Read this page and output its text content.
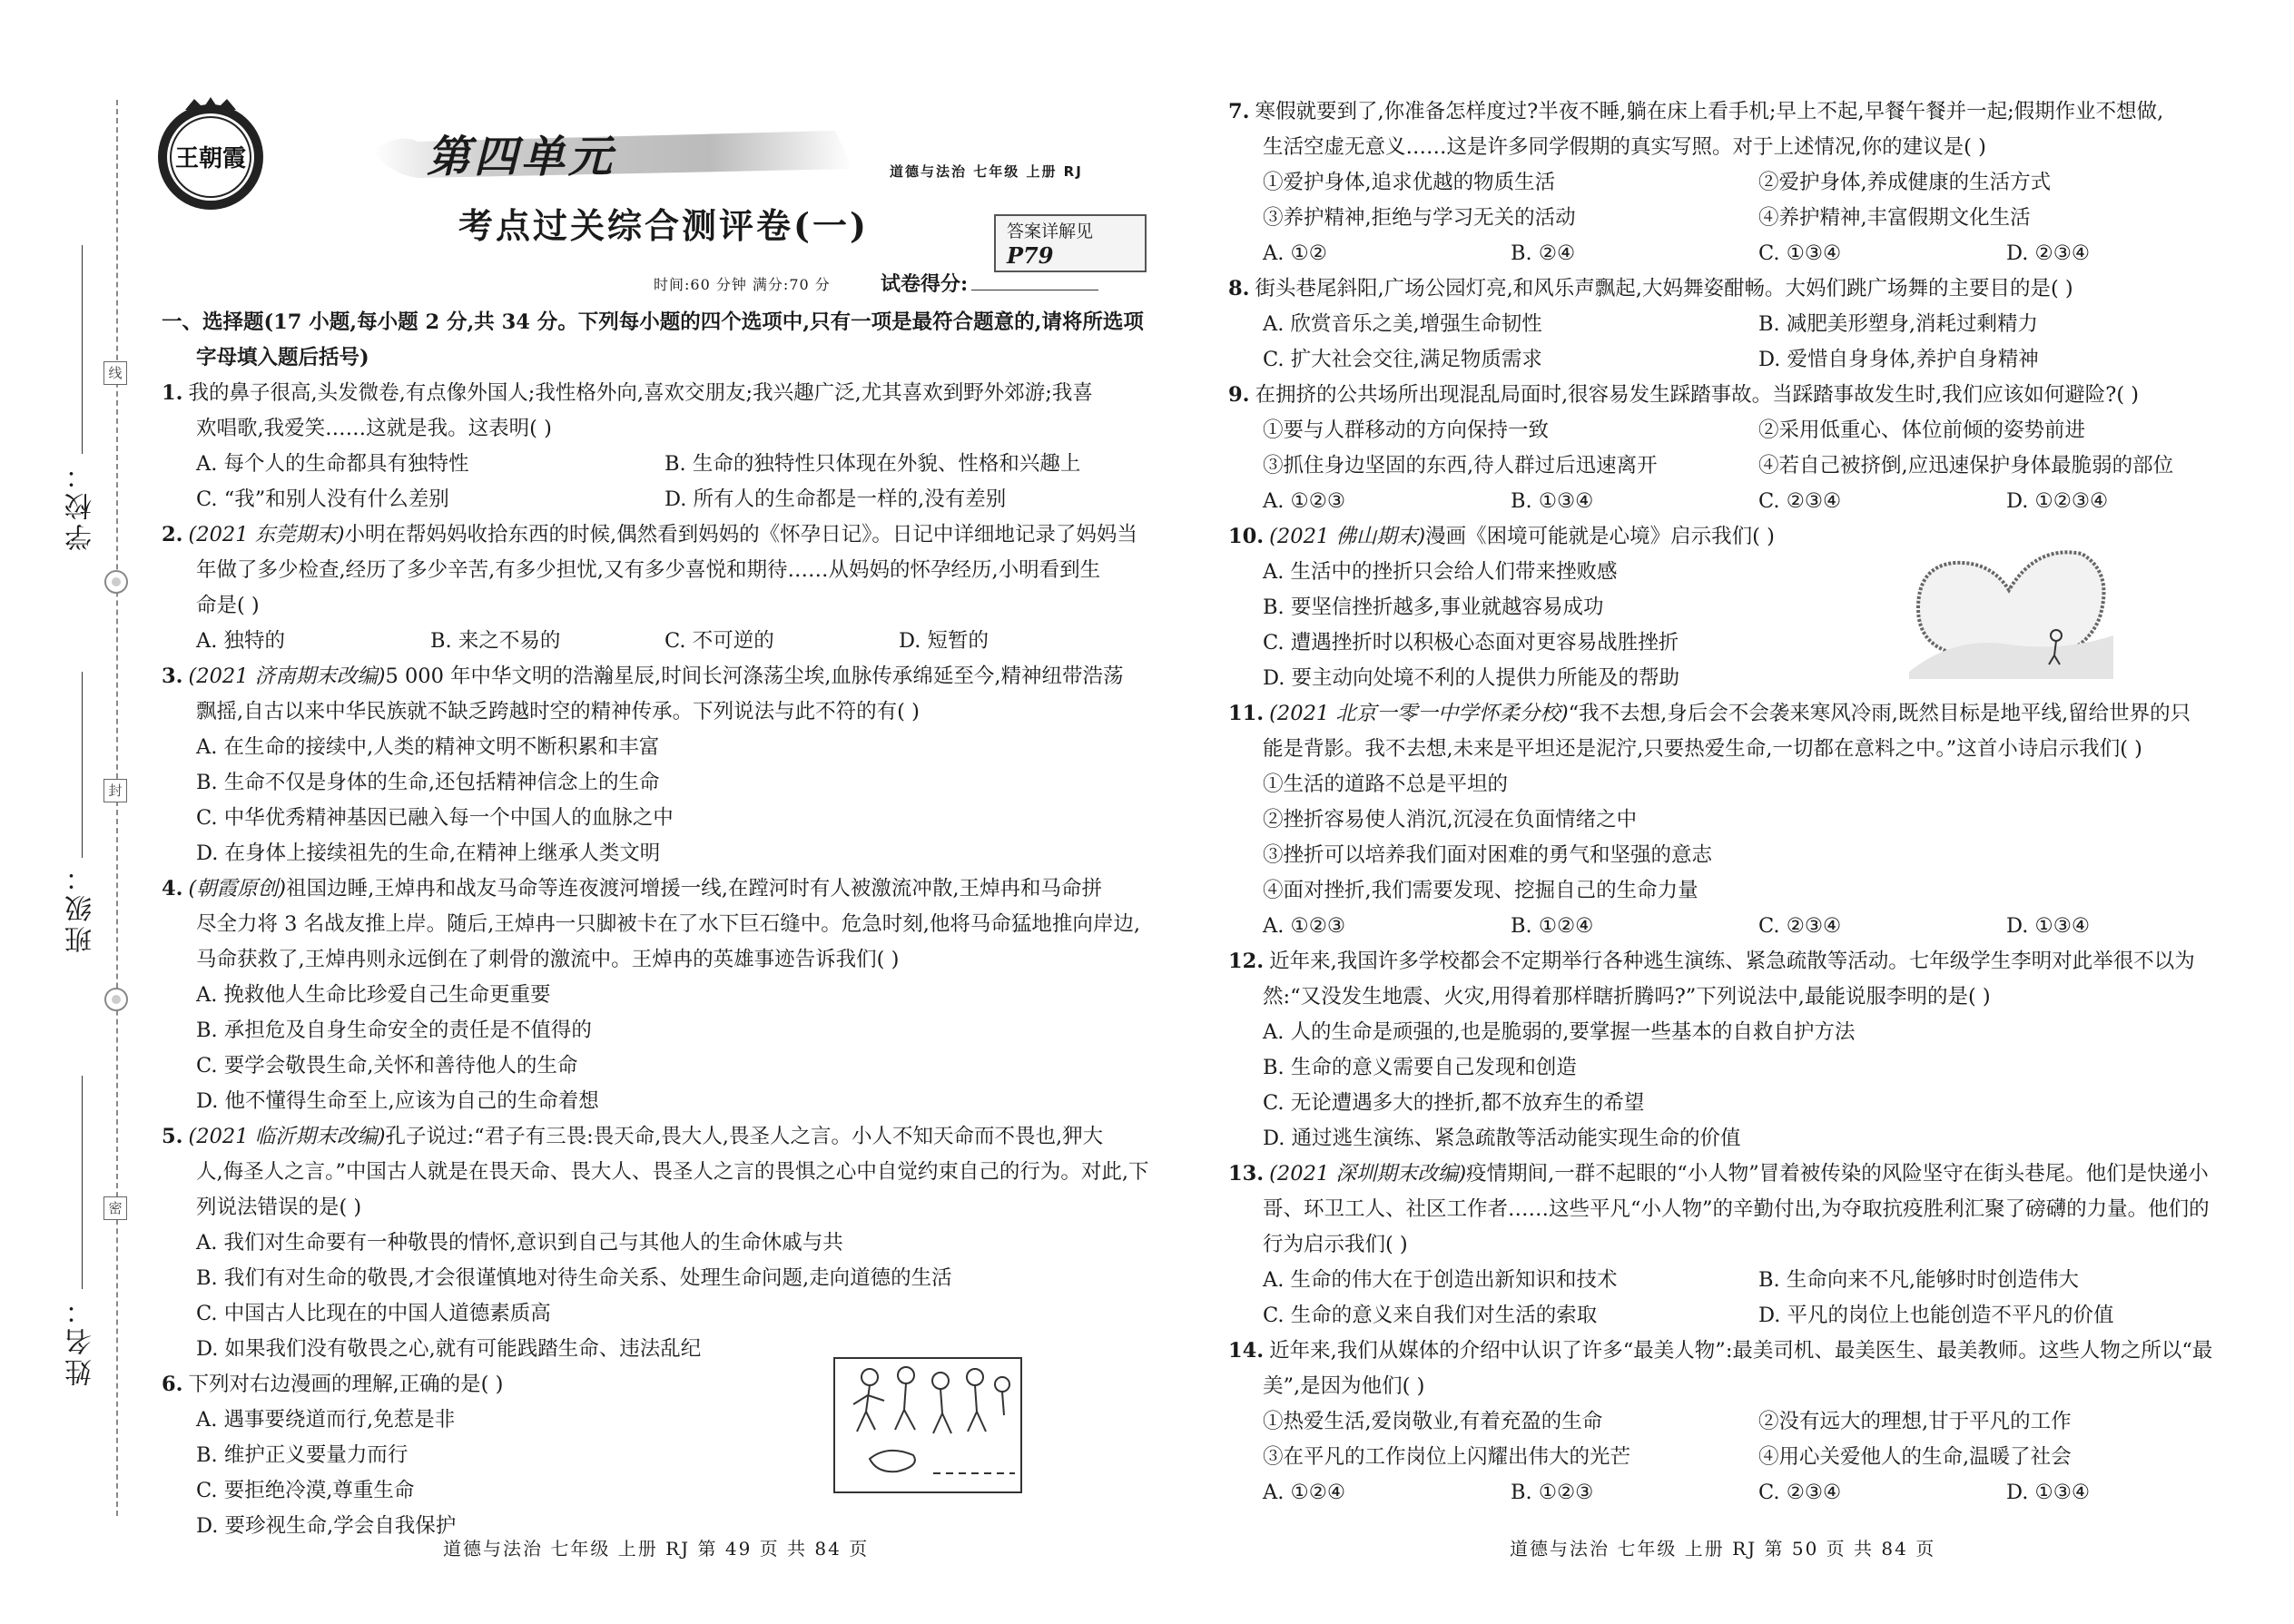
学校：
班级：
姓名：
线
封
密
王朝霞	第四单元	道德与法治 七年级 上册 RJ
考点过关综合测评卷(一)	答案详解见 P79
时间:60 分钟 满分:70 分	试卷得分:
一、选择题(17 小题,每小题 2 分,共 34 分。下列每小题的四个选项中,只有一项是最符合题意的,请将所选项
字母填入题后括号)
1. 我的鼻子很高,头发微卷,有点像外国人;我性格外向,喜欢交朋友;我兴趣广泛,尤其喜欢到野外郊游;我喜
欢唱歌,我爱笑……这就是我。这表明( )
A. 每个人的生命都具有独特性	B. 生命的独特性只体现在外貌、性格和兴趣上
C. “我”和别人没有什么差别	D. 所有人的生命都是一样的,没有差别
2. (2021 东莞期末)小明在帮妈妈收拾东西的时候,偶然看到妈妈的《怀孕日记》。日记中详细地记录了妈妈当
年做了多少检查,经历了多少辛苦,有多少担忧,又有多少喜悦和期待……从妈妈的怀孕经历,小明看到生
命是( )
A. 独特的	B. 来之不易的	C. 不可逆的	D. 短暂的
3. (2021 济南期末改编)5 000 年中华文明的浩瀚星辰,时间长河涤荡尘埃,血脉传承绵延至今,精神纽带浩荡
飘摇,自古以来中华民族就不缺乏跨越时空的精神传承。下列说法与此不符的有( )
A. 在生命的接续中,人类的精神文明不断积累和丰富
B. 生命不仅是身体的生命,还包括精神信念上的生命
C. 中华优秀精神基因已融入每一个中国人的血脉之中
D. 在身体上接续祖先的生命,在精神上继承人类文明
4. (朝霞原创)祖国边睡,王焯冉和战友马命等连夜渡河增援一线,在蹚河时有人被激流冲散,王焯冉和马命拼
尽全力将 3 名战友推上岸。随后,王焯冉一只脚被卡在了水下巨石缝中。危急时刻,他将马命猛地推向岸边,
马命获救了,王焯冉则永远倒在了刺骨的激流中。王焯冉的英雄事迹告诉我们( )
A. 挽救他人生命比珍爱自己生命更重要
B. 承担危及自身生命安全的责任是不值得的
C. 要学会敬畏生命,关怀和善待他人的生命
D. 他不懂得生命至上,应该为自己的生命着想
5. (2021 临沂期末改编)孔子说过:“君子有三畏:畏天命,畏大人,畏圣人之言。小人不知天命而不畏也,狎大
人,侮圣人之言。”中国古人就是在畏天命、畏大人、畏圣人之言的畏惧之心中自觉约束自己的行为。对此,下
列说法错误的是( )
A. 我们对生命要有一种敬畏的情怀,意识到自己与其他人的生命休戚与共
B. 我们有对生命的敬畏,才会很谨慎地对待生命关系、处理生命问题,走向道德的生活
C. 中国古人比现在的中国人道德素质高
D. 如果我们没有敬畏之心,就有可能践踏生命、违法乱纪
6. 下列对右边漫画的理解,正确的是( )
A. 遇事要绕道而行,免惹是非
B. 维护正义要量力而行
C. 要拒绝冷漠,尊重生命
D. 要珍视生命,学会自我保护
道德与法治 七年级 上册 RJ 第 49 页 共 84 页
7. 寒假就要到了,你准备怎样度过?半夜不睡,躺在床上看手机;早上不起,早餐午餐并一起;假期作业不想做,
生活空虚无意义……这是许多同学假期的真实写照。对于上述情况,你的建议是( )
①爱护身体,追求优越的物质生活	②爱护身体,养成健康的生活方式
③养护精神,拒绝与学习无关的活动	④养护精神,丰富假期文化生活
A. ①②	B. ②④	C. ①③④	D. ②③④
8. 街头巷尾斜阳,广场公园灯亮,和风乐声飘起,大妈舞姿酣畅。大妈们跳广场舞的主要目的是( )
A. 欣赏音乐之美,增强生命韧性	B. 减肥美形塑身,消耗过剩精力
C. 扩大社会交往,满足物质需求	D. 爱惜自身身体,养护自身精神
9. 在拥挤的公共场所出现混乱局面时,很容易发生踩踏事故。当踩踏事故发生时,我们应该如何避险?( )
①要与人群移动的方向保持一致	②采用低重心、体位前倾的姿势前进
③抓住身边坚固的东西,待人群过后迅速离开	④若自己被挤倒,应迅速保护身体最脆弱的部位
A. ①②③	B. ①③④	C. ②③④	D. ①②③④
10. (2021 佛山期末)漫画《困境可能就是心境》启示我们( )
A. 生活中的挫折只会给人们带来挫败感
B. 要坚信挫折越多,事业就越容易成功
C. 遭遇挫折时以积极心态面对更容易战胜挫折
D. 要主动向处境不利的人提供力所能及的帮助
11. (2021 北京一零一中学怀柔分校)“我不去想,身后会不会袭来寒风冷雨,既然目标是地平线,留给世界的只
能是背影。我不去想,未来是平坦还是泥泞,只要热爱生命,一切都在意料之中。”这首小诗启示我们( )
①生活的道路不总是平坦的
②挫折容易使人消沉,沉浸在负面情绪之中
③挫折可以培养我们面对困难的勇气和坚强的意志
④面对挫折,我们需要发现、挖掘自己的生命力量
A. ①②③	B. ①②④	C. ②③④	D. ①③④
12. 近年来,我国许多学校都会不定期举行各种逃生演练、紧急疏散等活动。七年级学生李明对此举很不以为
然:“又没发生地震、火灾,用得着那样瞎折腾吗?”下列说法中,最能说服李明的是( )
A. 人的生命是顽强的,也是脆弱的,要掌握一些基本的自救自护方法
B. 生命的意义需要自己发现和创造
C. 无论遭遇多大的挫折,都不放弃生的希望
D. 通过逃生演练、紧急疏散等活动能实现生命的价值
13. (2021 深圳期末改编)疫情期间,一群不起眼的“小人物”冒着被传染的风险坚守在街头巷尾。他们是快递小
哥、环卫工人、社区工作者……这些平凡“小人物”的辛勤付出,为夺取抗疫胜利汇聚了磅礴的力量。他们的
行为启示我们( )
A. 生命的伟大在于创造出新知识和技术	B. 生命向来不凡,能够时时创造伟大
C. 生命的意义来自我们对生活的索取	D. 平凡的岗位上也能创造不平凡的价值
14. 近年来,我们从媒体的介绍中认识了许多“最美人物”:最美司机、最美医生、最美教师。这些人物之所以“最
美”,是因为他们( )
①热爱生活,爱岗敬业,有着充盈的生命	②没有远大的理想,甘于平凡的工作
③在平凡的工作岗位上闪耀出伟大的光芒	④用心关爱他人的生命,温暖了社会
A. ①②④	B. ①②③	C. ②③④	D. ①③④
道德与法治 七年级 上册 RJ 第 50 页 共 84 页
